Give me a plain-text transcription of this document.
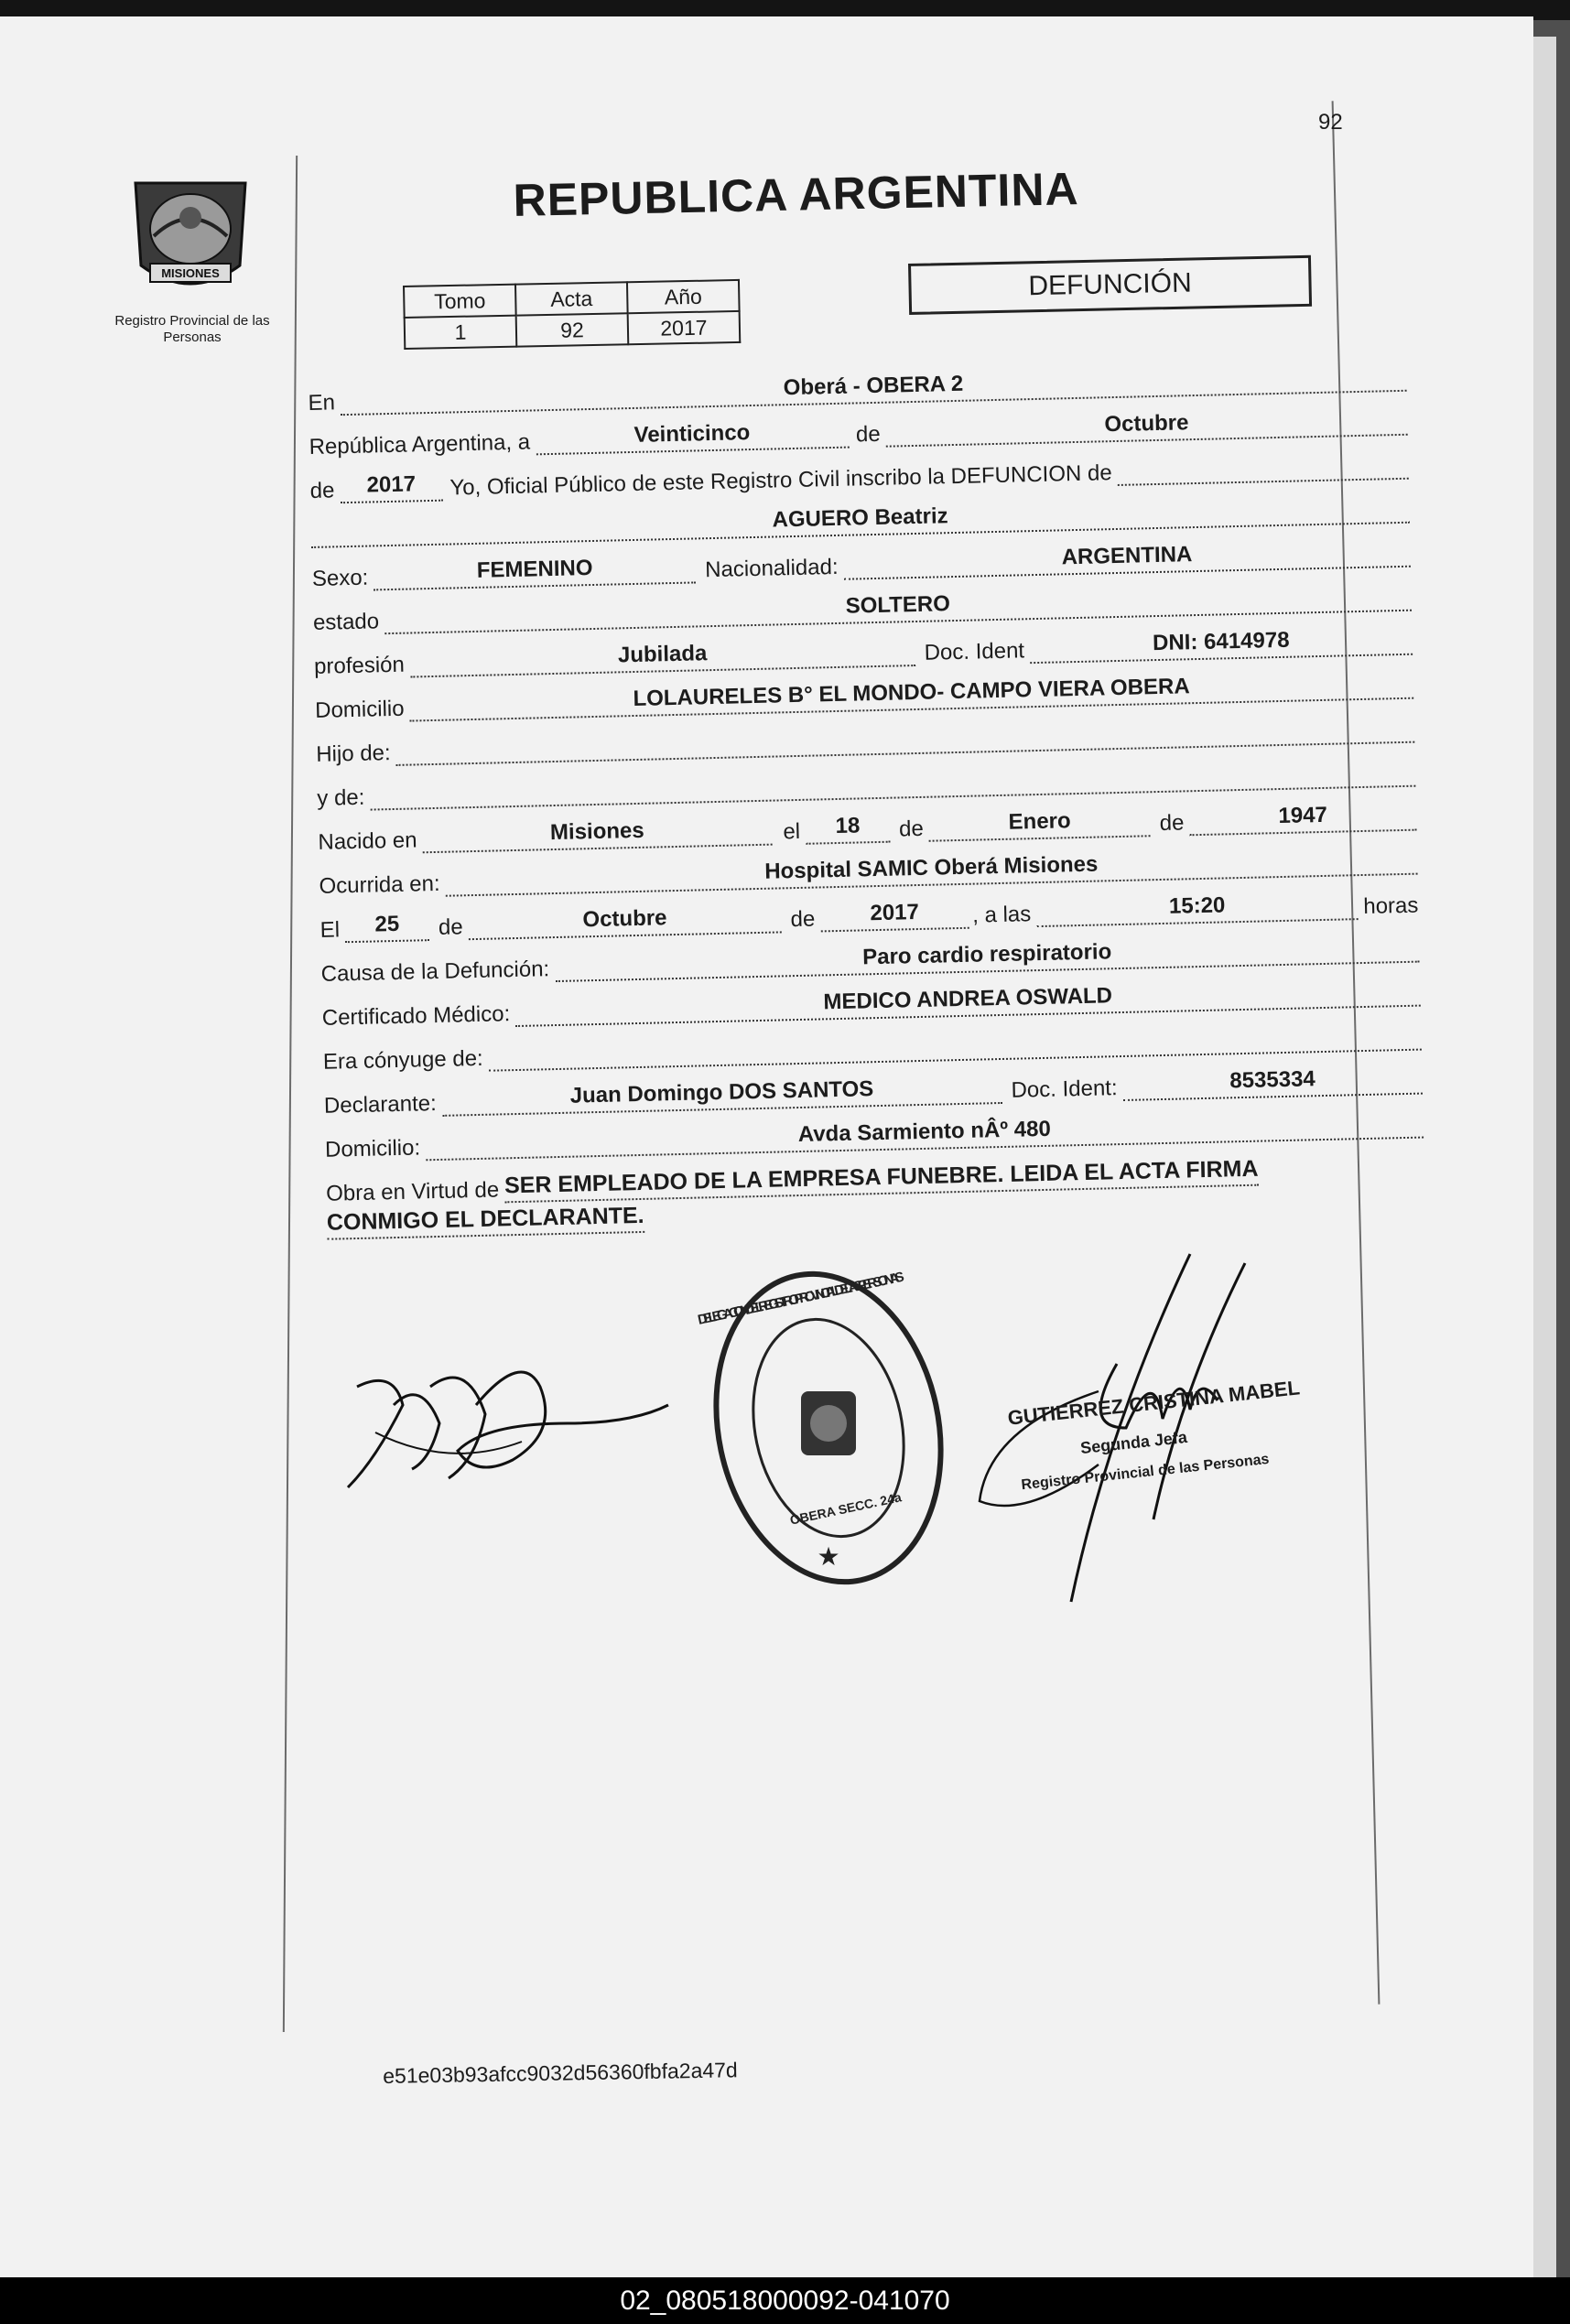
92
MISIONES
Registro Provincial de las Personas
REPUBLICA ARGENTINA
Tomo	Acta	Año
1	92	2017
DEFUNCIÓN
En
Oberá - OBERA 2
República Argentina, a	Veinticinco	de	Octubre
de	2017	Yo, Oficial Público de este Registro Civil inscribo la DEFUNCION de
AGUERO Beatriz
Sexo:	FEMENINO	Nacionalidad:	ARGENTINA
estado
SOLTERO
profesión	Jubilada	Doc. Ident	DNI: 6414978
Domicilio	LOLAURELES B° EL MONDO- CAMPO VIERA OBERA
Hijo de:
y de:
Nacido en	Misiones	el	18	de	Enero	de	1947
Ocurrida en:
Hospital SAMIC Oberá Misiones
El	25	de	Octubre	de	2017	, a las	15:20	horas
Causa de la Defunción:
Paro cardio respiratorio
Certificado Médico:
MEDICO ANDREA OSWALD
Era cónyuge de:
Declarante:	Juan Domingo DOS SANTOS	Doc. Ident:	8535334
Domicilio:
Avda Sarmiento nÂº 480
Obra en Virtud de SER EMPLEADO DE LA EMPRESA FUNEBRE. LEIDA EL ACTA FIRMA
CONMIGO EL DECLARANTE.
DELEGACION DEL REGISTRO PROVINCIAL DE LAS PERSONAS
OBERA SECC. 24a
★
GUTIERREZ CRISTINA MABEL
Segunda Jefa
Registro Provincial de las Personas
e51e03b93afcc9032d56360fbfa2a47d
02_080518000092-041070
